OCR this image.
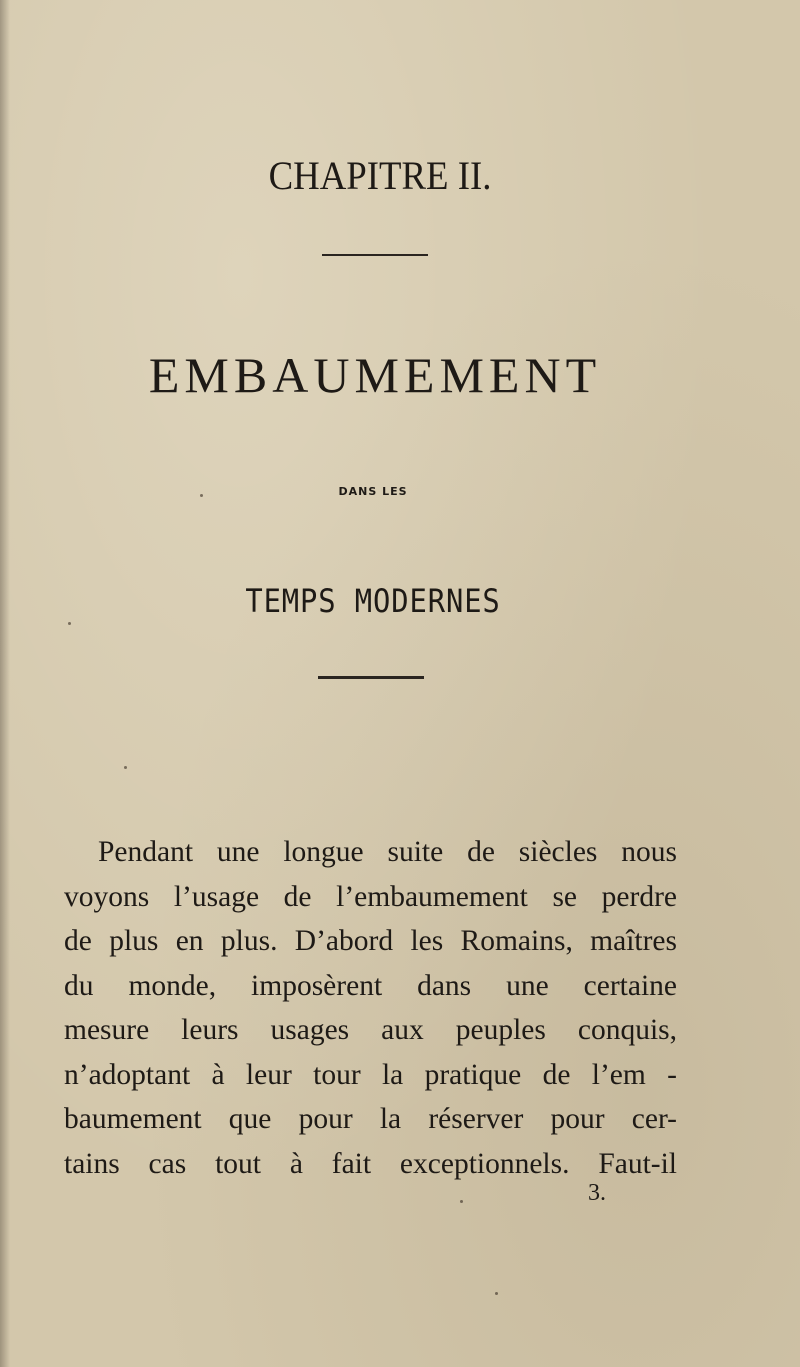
CHAPITRE II.
EMBAUMEMENT
DANS LES
TEMPS MODERNES
Pendant une longue suite de siècles nous
voyons l’usage de l’embaumement se perdre
de plus en plus. D’abord les Romains, maîtres
du monde, imposèrent dans une certaine
mesure leurs usages aux peuples conquis,
n’adoptant à leur tour la pratique de l’em -
baumement que pour la réserver pour cer-
tains cas tout à fait exceptionnels. Faut-il
3.
